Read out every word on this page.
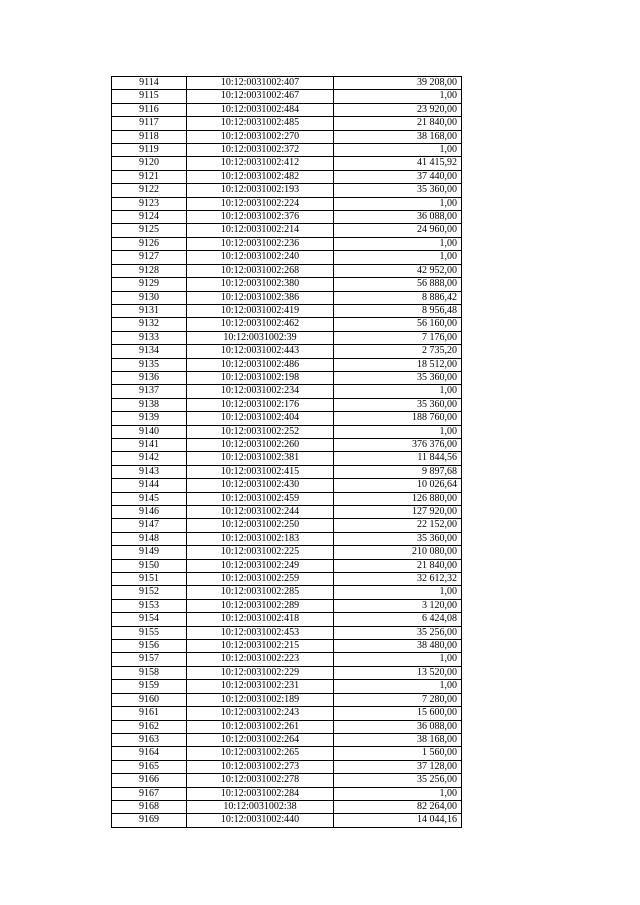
9114	10:12:0031002:407	39 208,00
9115	10:12:0031002:467	1,00
9116	10:12:0031002:484	23 920,00
9117	10:12:0031002:485	21 840,00
9118	10:12:0031002:270	38 168,00
9119	10:12:0031002:372	1,00
9120	10:12:0031002:412	41 415,92
9121	10:12:0031002:482	37 440,00
9122	10:12:0031002:193	35 360,00
9123	10:12:0031002:224	1,00
9124	10:12:0031002:376	36 088,00
9125	10:12:0031002:214	24 960,00
9126	10:12:0031002:236	1,00
9127	10:12:0031002:240	1,00
9128	10:12:0031002:268	42 952,00
9129	10:12:0031002:380	56 888,00
9130	10:12:0031002:386	8 886,42
9131	10:12:0031002:419	8 956,48
9132	10:12:0031002:462	56 160,00
9133	10:12:0031002:39	7 176,00
9134	10:12:0031002:443	2 735,20
9135	10:12:0031002:486	18 512,00
9136	10:12:0031002:198	35 360,00
9137	10:12:0031002:234	1,00
9138	10:12:0031002:176	35 360,00
9139	10:12:0031002:404	188 760,00
9140	10:12:0031002:252	1,00
9141	10:12:0031002:260	376 376,00
9142	10:12:0031002:381	11 844,56
9143	10:12:0031002:415	9 897,68
9144	10:12:0031002:430	10 026,64
9145	10:12:0031002:459	126 880,00
9146	10:12:0031002:244	127 920,00
9147	10:12:0031002:250	22 152,00
9148	10:12:0031002:183	35 360,00
9149	10:12:0031002:225	210 080,00
9150	10:12:0031002:249	21 840,00
9151	10:12:0031002:259	32 612,32
9152	10:12:0031002:285	1,00
9153	10:12:0031002:289	3 120,00
9154	10:12:0031002:418	6 424,08
9155	10:12:0031002:453	35 256,00
9156	10:12:0031002:215	38 480,00
9157	10:12:0031002:223	1,00
9158	10:12:0031002:229	13 520,00
9159	10:12:0031002:231	1,00
9160	10:12:0031002:189	7 280,00
9161	10:12:0031002:243	15 600,00
9162	10:12:0031002:261	36 088,00
9163	10:12:0031002:264	38 168,00
9164	10:12:0031002:265	1 560,00
9165	10:12:0031002:273	37 128,00
9166	10:12:0031002:278	35 256,00
9167	10:12:0031002:284	1,00
9168	10:12:0031002:38	82 264,00
9169	10:12:0031002:440	14 044,16
